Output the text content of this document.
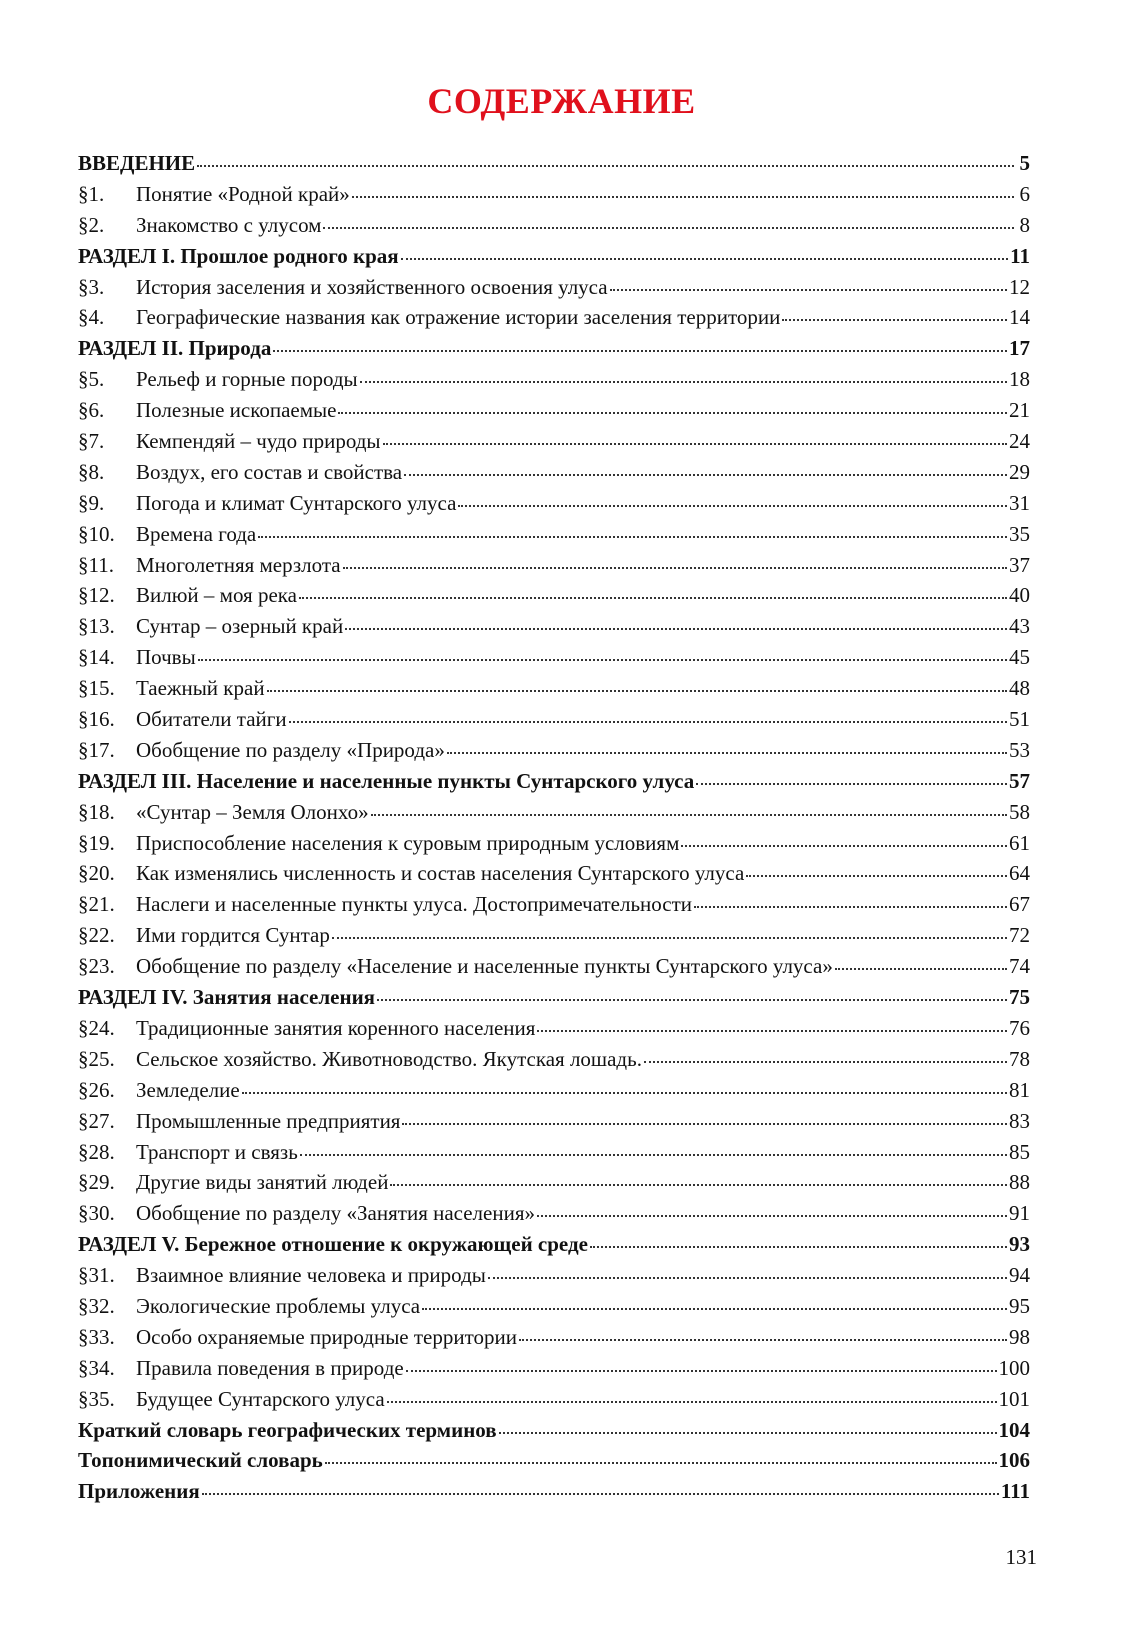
СОДЕРЖАНИЕ
ВВЕДЕНИЕ	5
§1.	Понятие «Родной край»	6
§2.	Знакомство с улусом	8
РАЗДЕЛ I. Прошлое родного края	11
§3.	История заселения и хозяйственного освоения улуса	12
§4.	Географические названия как отражение истории заселения территории	14
РАЗДЕЛ II. Природа	17
§5.	Рельеф и горные породы	18
§6.	Полезные ископаемые	21
§7.	Кемпендяй – чудо природы	24
§8.	Воздух, его состав и свойства	29
§9.	Погода и климат Сунтарского улуса	31
§10.	Времена года	35
§11.	Многолетняя мерзлота	37
§12.	Вилюй – моя река	40
§13.	Сунтар – озерный край	43
§14.	Почвы	45
§15.	Таежный край	48
§16.	Обитатели тайги	51
§17.	Обобщение по разделу «Природа»	53
РАЗДЕЛ III. Население и населенные пункты Сунтарского улуса	57
§18.	«Сунтар – Земля Олонхо»	58
§19.	Приспособление населения к суровым природным условиям	61
§20.	Как изменялись численность и состав населения Сунтарского улуса	64
§21.	Наслеги и населенные пункты улуса. Достопримечательности	67
§22.	Ими гордится Сунтар	72
§23.	Обобщение по разделу «Население и населенные пункты Сунтарского улуса»	74
РАЗДЕЛ IV. Занятия населения	75
§24.	Традиционные занятия коренного населения	76
§25.	Сельское хозяйство. Животноводство. Якутская лошадь.	78
§26.	Земледелие	81
§27.	Промышленные предприятия	83
§28.	Транспорт и связь	85
§29.	Другие виды занятий людей	88
§30.	Обобщение по разделу «Занятия населения»	91
РАЗДЕЛ V. Бережное отношение к окружающей среде	93
§31.	Взаимное влияние человека и природы	94
§32.	Экологические проблемы улуса	95
§33.	Особо охраняемые природные территории	98
§34.	Правила поведения в природе	100
§35.	Будущее Сунтарского улуса	101
Краткий словарь географических терминов	104
Топонимический словарь	106
Приложения	111
131
